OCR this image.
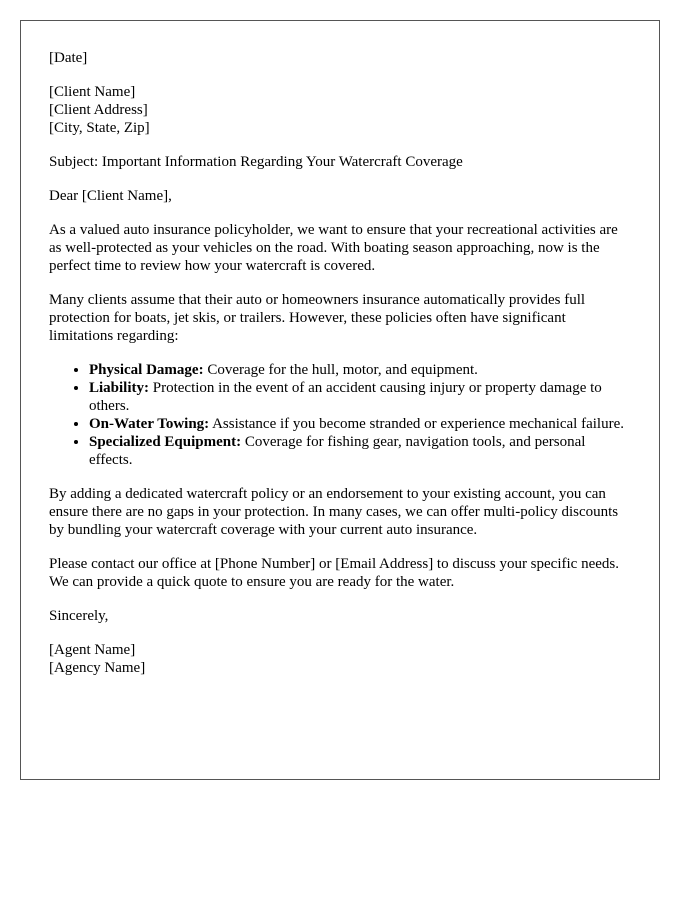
[Date]

[Client Name]
[Client Address]
[City, State, Zip]

Subject: Important Information Regarding Your Watercraft Coverage

Dear [Client Name],

As a valued auto insurance policyholder, we want to ensure that your recreational activities are as well-protected as your vehicles on the road. With boating season approaching, now is the perfect time to review how your watercraft is covered.

Many clients assume that their auto or homeowners insurance automatically provides full protection for boats, jet skis, or trailers. However, these policies often have significant limitations regarding:

• Physical Damage: Coverage for the hull, motor, and equipment.
• Liability: Protection in the event of an accident causing injury or property damage to others.
• On-Water Towing: Assistance if you become stranded or experience mechanical failure.
• Specialized Equipment: Coverage for fishing gear, navigation tools, and personal effects.

By adding a dedicated watercraft policy or an endorsement to your existing account, you can ensure there are no gaps in your protection. In many cases, we can offer multi-policy discounts by bundling your watercraft coverage with your current auto insurance.

Please contact our office at [Phone Number] or [Email Address] to discuss your specific needs. We can provide a quick quote to ensure you are ready for the water.

Sincerely,

[Agent Name]
[Agency Name]
